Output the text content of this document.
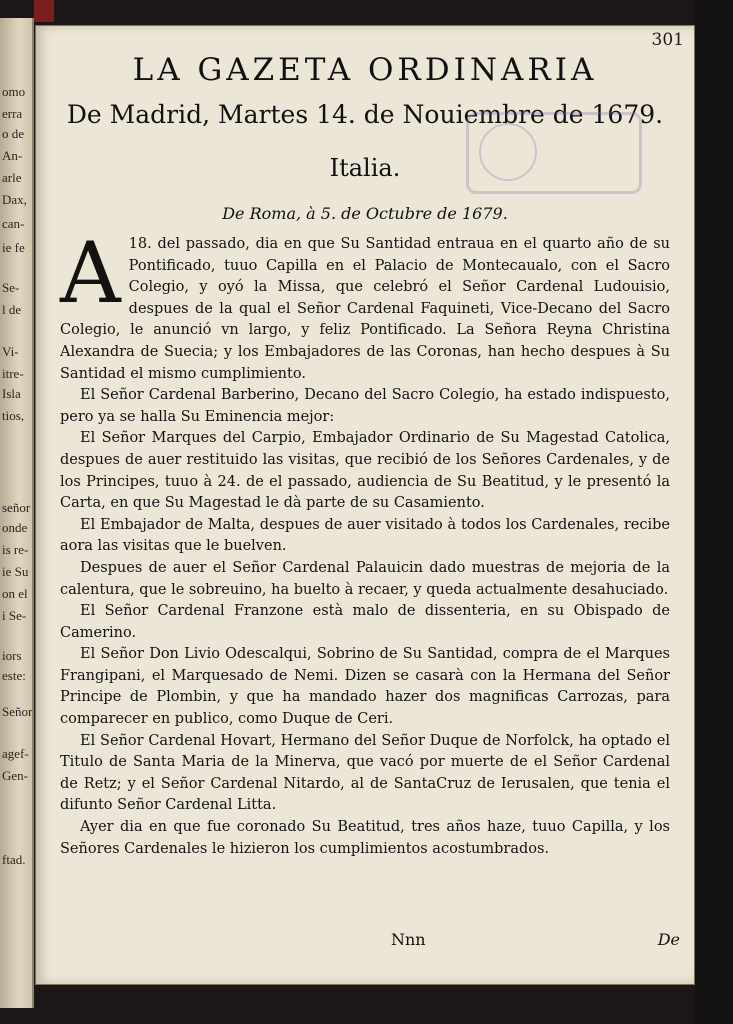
omo
erra
o de
An-
arle
Dax,
can-
ie fe
Se-
l de
Vi-
itre-
Isla
tios,
señor
onde
is re-
ie Su
on el
i Se-
iors
este:
Señor
agef-
Gen-
ftad.
301
LA GAZETA ORDINARIA
De Madrid, Martes 14. de Nouiembre de 1679.
Italia.
De Roma, à 5. de Octubre de 1679.

A 18. del passado, dia en que Su Santidad entraua en el quarto año de su Pontificado, tuuo Capilla en el Palacio de Montecaualo, con el Sacro Colegio, y oyó la Missa, que celebró el Señor Cardenal Ludouisio, despues de la qual el Señor Cardenal Faquineti, Vice-Decano del Sacro Colegio, le anunció vn largo, y feliz Pontificado. La Señora Reyna Christina Alexandra de Suecia; y los Embajadores de las Coronas, han hecho despues à Su Santidad el mismo cumplimiento.

El Señor Cardenal Barberino, Decano del Sacro Colegio, ha estado indispuesto, pero ya se halla Su Eminencia mejor:

El Señor Marques del Carpio, Embajador Ordinario de Su Magestad Catolica, despues de auer restituido las visitas, que recibió de los Señores Cardenales, y de los Principes, tuuo à 24. de el passado, audiencia de Su Beatitud, y le presentó la Carta, en que Su Magestad le dà parte de su Casamiento.

El Embajador de Malta, despues de auer visitado à todos los Cardenales, recibe aora las visitas que le buelven.

Despues de auer el Señor Cardenal Palauicin dado muestras de mejoria de la calentura, que le sobreuino, ha buelto à recaer, y queda actualmente desahuciado.

El Señor Cardenal Franzone està malo de dissenteria, en su Obispado de Camerino.

El Señor Don Livio Odescalqui, Sobrino de Su Santidad, compra de el Marques Frangipani, el Marquesado de Nemi. Dizen se casarà con la Hermana del Señor Principe de Plombin, y que ha mandado hazer dos magnificas Carrozas, para comparecer en publico, como Duque de Ceri.

El Señor Cardenal Hovart, Hermano del Señor Duque de Norfolck, ha optado el Titulo de Santa Maria de la Minerva, que vacó por muerte de el Señor Cardenal de Retz; y el Señor Cardenal Nitardo, al de SantaCruz de Ierusalen, que tenia el difunto Señor Cardenal Litta.

Ayer dia en que fue coronado Su Beatitud, tres años haze, tuuo Capilla, y los Señores Cardenales le hizieron los cumplimientos acostumbrados.

Nnn	De
